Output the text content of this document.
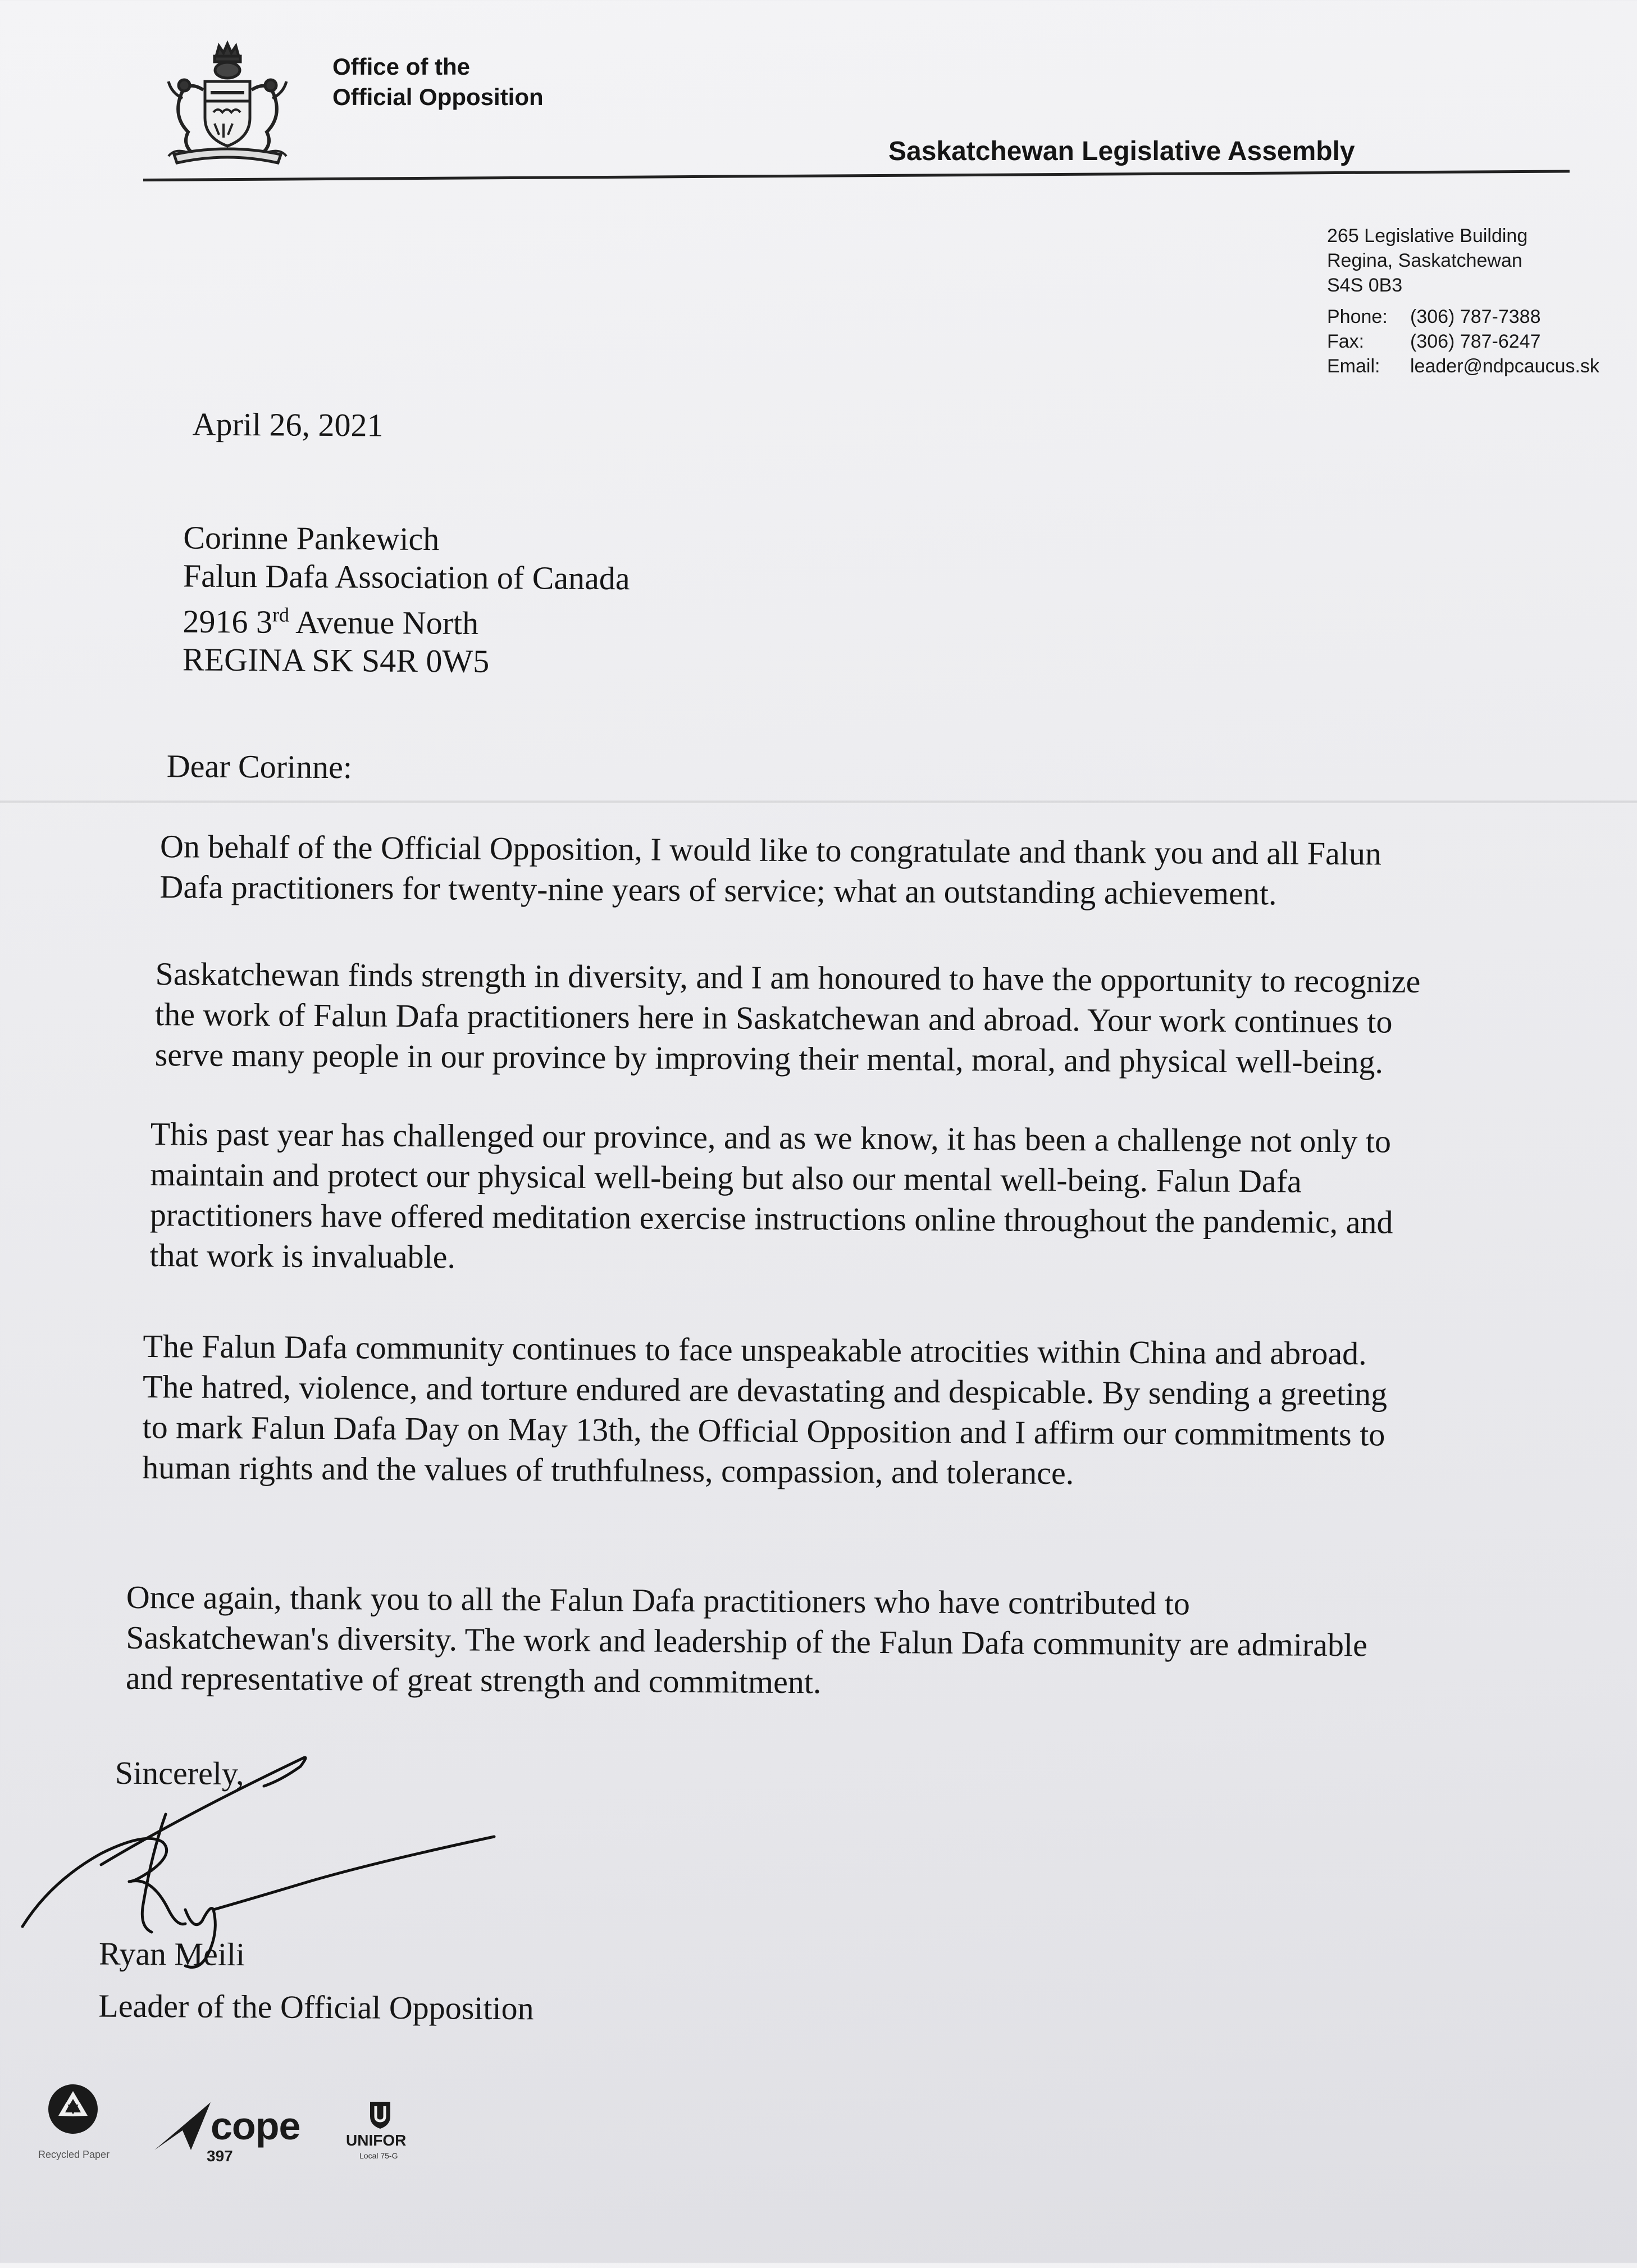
Office of the
Official Opposition
Saskatchewan Legislative Assembly
265 Legislative Building
Regina, Saskatchewan
S4S 0B3
Phone: (306) 787-7388
Fax: (306) 787-6247
Email: leader@ndpcaucus.sk
April 26, 2021
Corinne Pankewich
Falun Dafa Association of Canada
2916 3rd Avenue North
REGINA SK S4R 0W5
Dear Corinne:
On behalf of the Official Opposition, I would like to congratulate and thank you and all Falun
Dafa practitioners for twenty-nine years of service; what an outstanding achievement.
Saskatchewan finds strength in diversity, and I am honoured to have the opportunity to recognize
the work of Falun Dafa practitioners here in Saskatchewan and abroad. Your work continues to
serve many people in our province by improving their mental, moral, and physical well-being.
This past year has challenged our province, and as we know, it has been a challenge not only to
maintain and protect our physical well-being but also our mental well-being. Falun Dafa
practitioners have offered meditation exercise instructions online throughout the pandemic, and
that work is invaluable.
The Falun Dafa community continues to face unspeakable atrocities within China and abroad.
The hatred, violence, and torture endured are devastating and despicable. By sending a greeting
to mark Falun Dafa Day on May 13th, the Official Opposition and I affirm our commitments to
human rights and the values of truthfulness, compassion, and tolerance.
Once again, thank you to all the Falun Dafa practitioners who have contributed to
Saskatchewan's diversity. The work and leadership of the Falun Dafa community are admirable
and representative of great strength and commitment.
Sincerely,
Ryan Meili
Leader of the Official Opposition
Recycled Paper
cope
397
UNIFOR
Local 75-G
